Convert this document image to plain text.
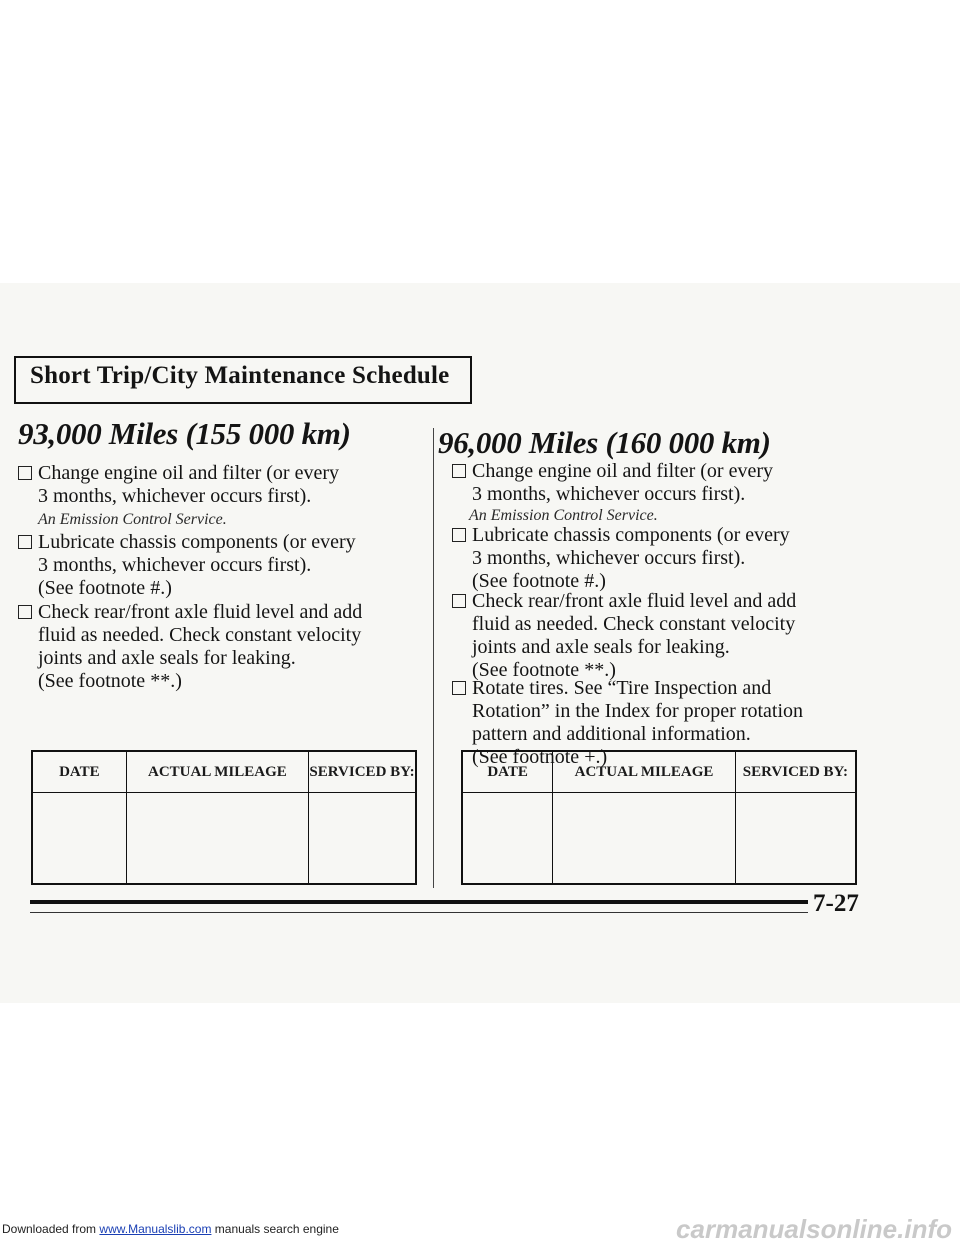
Short Trip/City Maintenance Schedule
93,000 Miles (155 000 km)
Change engine oil and filter (or every
3 months, whichever occurs first).
An Emission Control Service.
Lubricate chassis components (or every
3 months, whichever occurs first).
(See footnote #.)
Check rear/front axle fluid level and add
fluid as needed. Check constant velocity
joints and axle seals for leaking.
(See footnote **.)
DATE	ACTUAL MILEAGE	SERVICED BY:

96,000 Miles (160 000 km)
Change engine oil and filter (or every
3 months, whichever occurs first).
An Emission Control Service.
Lubricate chassis components (or every
3 months, whichever occurs first).
(See footnote #.)
Check rear/front axle fluid level and add
fluid as needed. Check constant velocity
joints and axle seals for leaking.
(See footnote **.)
Rotate tires. See “Tire Inspection and
Rotation” in the Index for proper rotation
pattern and additional information.
(See footnote +.)
DATE	ACTUAL MILEAGE	SERVICED BY:

7-27
Downloaded from www.Manualslib.com manuals search engine	carmanualsonline.info
